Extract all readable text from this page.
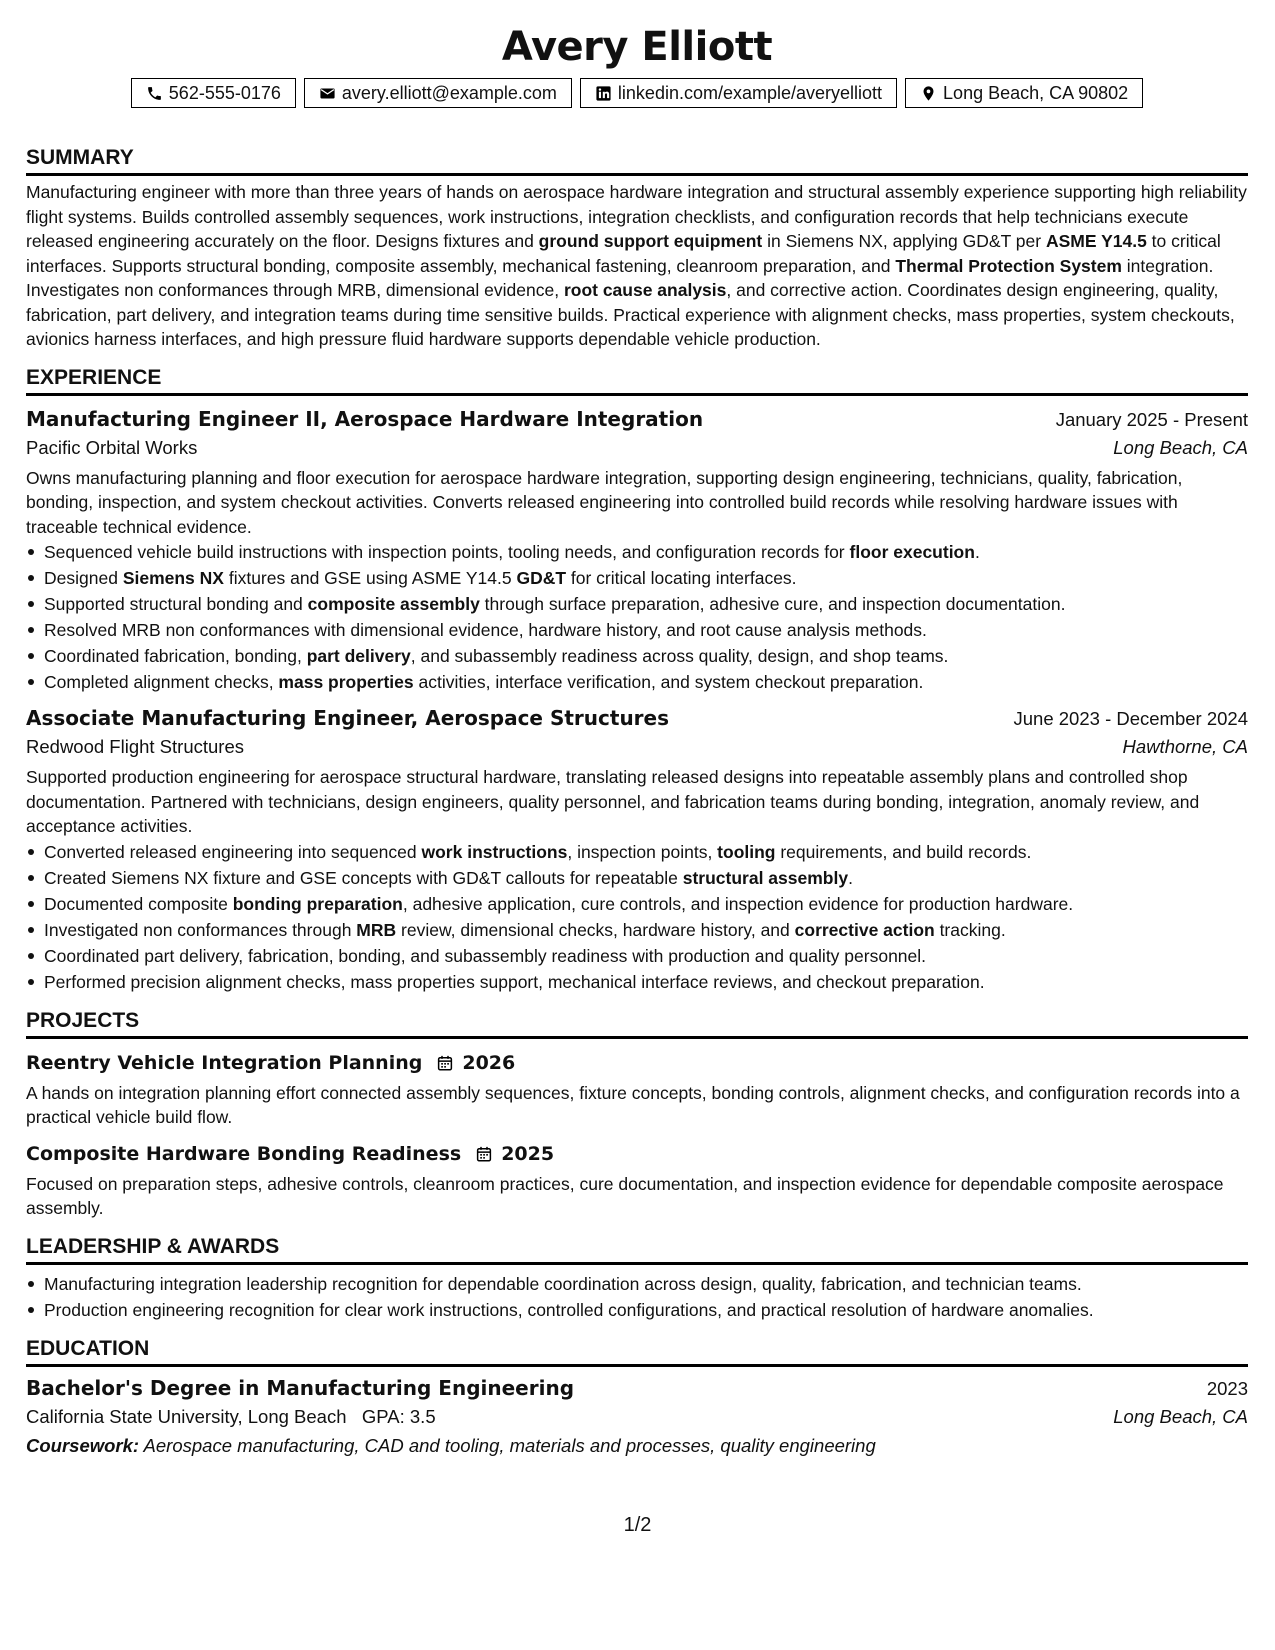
Avery Elliott
562-555-0176	avery.elliott@example.com	linkedin.com/example/averyelliott	Long Beach, CA 90802
SUMMARY

Manufacturing engineer with more than three years of hands on aerospace hardware integration and structural assembly experience supporting high reliability flight systems. Builds controlled assembly sequences, work instructions, integration checklists, and configuration records that help technicians execute released engineering accurately on the floor. Designs fixtures and ground support equipment in Siemens NX, applying GD&T per ASME Y14.5 to critical interfaces. Supports structural bonding, composite assembly, mechanical fastening, cleanroom preparation, and Thermal Protection System integration. Investigates non conformances through MRB, dimensional evidence, root cause analysis, and corrective action. Coordinates design engineering, quality, fabrication, part delivery, and integration teams during time sensitive builds. Practical experience with alignment checks, mass properties, system checkouts, avionics harness interfaces, and high pressure fluid hardware supports dependable vehicle production.

EXPERIENCE
Manufacturing Engineer II, Aerospace Hardware Integration	January 2025 - Present
Pacific Orbital Works	Long Beach, CA

Owns manufacturing planning and floor execution for aerospace hardware integration, supporting design engineering, technicians, quality, fabrication, bonding, inspection, and system checkout activities. Converts released engineering into controlled build records while resolving hardware issues with traceable technical evidence.

Sequenced vehicle build instructions with inspection points, tooling needs, and configuration records for floor execution.
Designed Siemens NX fixtures and GSE using ASME Y14.5 GD&T for critical locating interfaces.
Supported structural bonding and composite assembly through surface preparation, adhesive cure, and inspection documentation.
Resolved MRB non conformances with dimensional evidence, hardware history, and root cause analysis methods.
Coordinated fabrication, bonding, part delivery, and subassembly readiness across quality, design, and shop teams.
Completed alignment checks, mass properties activities, interface verification, and system checkout preparation.
Associate Manufacturing Engineer, Aerospace Structures	June 2023 - December 2024
Redwood Flight Structures	Hawthorne, CA

Supported production engineering for aerospace structural hardware, translating released designs into repeatable assembly plans and controlled shop documentation. Partnered with technicians, design engineers, quality personnel, and fabrication teams during bonding, integration, anomaly review, and acceptance activities.

Converted released engineering into sequenced work instructions, inspection points, tooling requirements, and build records.
Created Siemens NX fixture and GSE concepts with GD&T callouts for repeatable structural assembly.
Documented composite bonding preparation, adhesive application, cure controls, and inspection evidence for production hardware.
Investigated non conformances through MRB review, dimensional checks, hardware history, and corrective action tracking.
Coordinated part delivery, fabrication, bonding, and subassembly readiness with production and quality personnel.
Performed precision alignment checks, mass properties support, mechanical interface reviews, and checkout preparation.
PROJECTS
Reentry Vehicle Integration Planning 2026

A hands on integration planning effort connected assembly sequences, fixture concepts, bonding controls, alignment checks, and configuration records into a practical vehicle build flow.

Composite Hardware Bonding Readiness 2025

Focused on preparation steps, adhesive controls, cleanroom practices, cure documentation, and inspection evidence for dependable composite aerospace assembly.

LEADERSHIP & AWARDS
Manufacturing integration leadership recognition for dependable coordination across design, quality, fabrication, and technician teams.
Production engineering recognition for clear work instructions, controlled configurations, and practical resolution of hardware anomalies.
EDUCATION
Bachelor's Degree in Manufacturing Engineering	2023
California State University, Long Beach GPA: 3.5	Long Beach, CA
Coursework: Aerospace manufacturing, CAD and tooling, materials and processes, quality engineering
1/2
